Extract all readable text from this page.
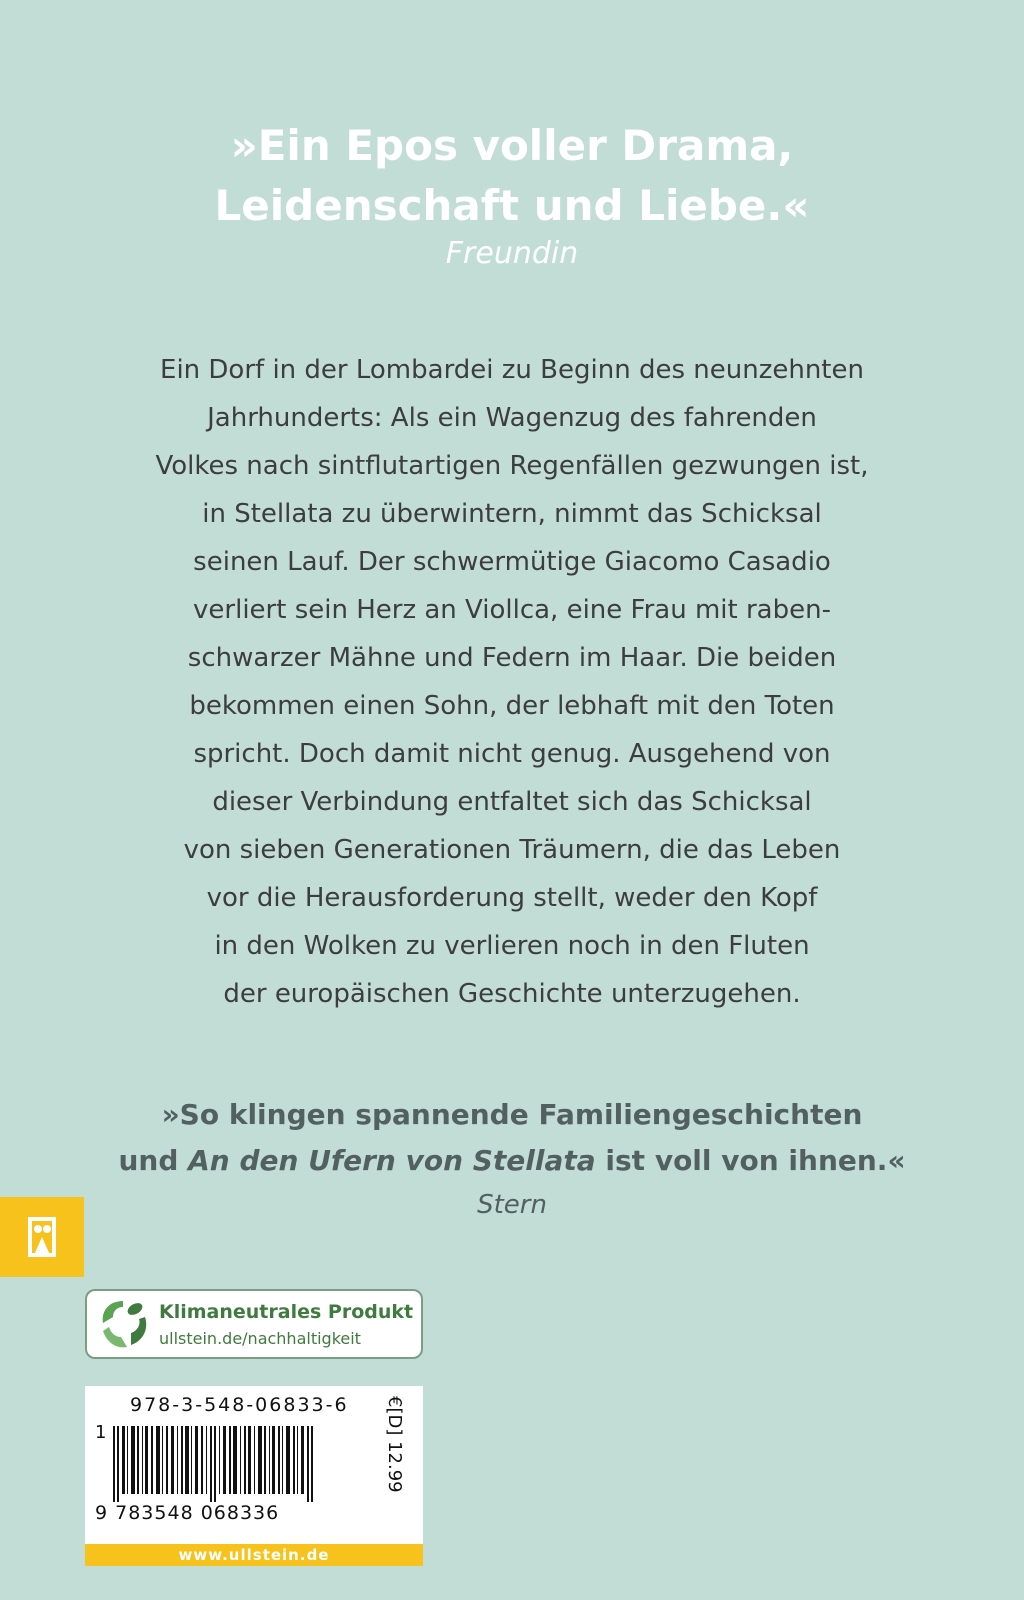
»Ein Epos voller Drama,
Leidenschaft und Liebe.«
Freundin
Ein Dorf in der Lombardei zu Beginn des neunzehnten
Jahrhunderts: Als ein Wagenzug des fahrenden
Volkes nach sintflutartigen Regenfällen gezwungen ist,
in Stellata zu überwintern, nimmt das Schicksal
seinen Lauf. Der schwermütige Giacomo Casadio
verliert sein Herz an Viollca, eine Frau mit raben-
schwarzer Mähne und Federn im Haar. Die beiden
bekommen einen Sohn, der lebhaft mit den Toten
spricht. Doch damit nicht genug. Ausgehend von
dieser Verbindung entfaltet sich das Schicksal
von sieben Generationen Träumern, die das Leben
vor die Herausforderung stellt, weder den Kopf
in den Wolken zu verlieren noch in den Fluten
der europäischen Geschichte unterzugehen.
»So klingen spannende Familiengeschichten
und An den Ufern von Stellata ist voll von ihnen.«
Stern
Klimaneutrales Produkt
ullstein.de/nachhaltigkeit
978-3-548-06833-6 €[D] 12.99
1
9 783548 068336
www.ullstein.de
